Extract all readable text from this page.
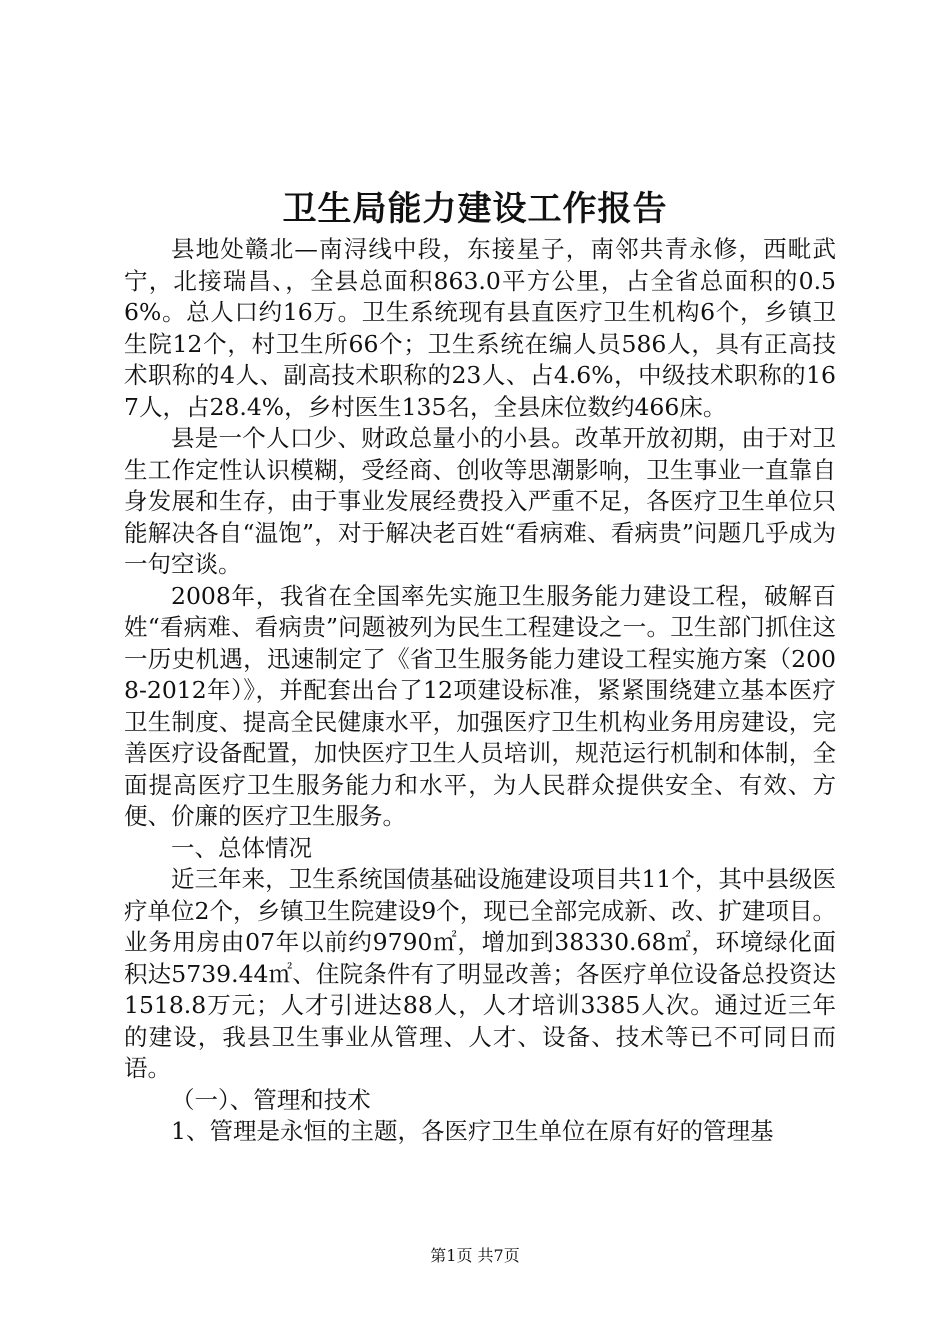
卫生局能力建设工作报告

县地处赣北—南浔线中段，东接星子，南邻共青永修，西毗武宁，北接瑞昌、，全县总面积863.0平方公里，占全省总面积的0.56%。总人口约16万。卫生系统现有县直医疗卫生机构6个，乡镇卫生院12个，村卫生所66个；卫生系统在编人员586人，具有正高技术职称的4人、副高技术职称的23人、占4.6%，中级技术职称的167人，占28.4%，乡村医生135名，全县床位数约466床。

县是一个人口少、财政总量小的小县。改革开放初期，由于对卫生工作定性认识模糊，受经商、创收等思潮影响，卫生事业一直靠自身发展和生存，由于事业发展经费投入严重不足，各医疗卫生单位只能解决各自“温饱”，对于解决老百姓“看病难、看病贵”问题几乎成为一句空谈。

2008年，我省在全国率先实施卫生服务能力建设工程，破解百姓“看病难、看病贵”问题被列为民生工程建设之一。卫生部门抓住这一历史机遇，迅速制定了《省卫生服务能力建设工程实施方案（2008-2012年）》，并配套出台了12项建设标准，紧紧围绕建立基本医疗卫生制度、提高全民健康水平，加强医疗卫生机构业务用房建设，完善医疗设备配置，加快医疗卫生人员培训，规范运行机制和体制，全面提高医疗卫生服务能力和水平，为人民群众提供安全、有效、方便、价廉的医疗卫生服务。

一、总体情况

近三年来，卫生系统国债基础设施建设项目共11个，其中县级医疗单位2个，乡镇卫生院建设9个，现已全部完成新、改、扩建项目。业务用房由07年以前约9790㎡，增加到38330.68㎡，环境绿化面积达5739.44㎡、住院条件有了明显改善；各医疗单位设备总投资达1518.8万元；人才引进达88人，人才培训3385人次。通过近三年的建设，我县卫生事业从管理、人才、设备、技术等已不可同日而语。

（一）、管理和技术

1、管理是永恒的主题，各医疗卫生单位在原有好的管理基

第1页 共7页
